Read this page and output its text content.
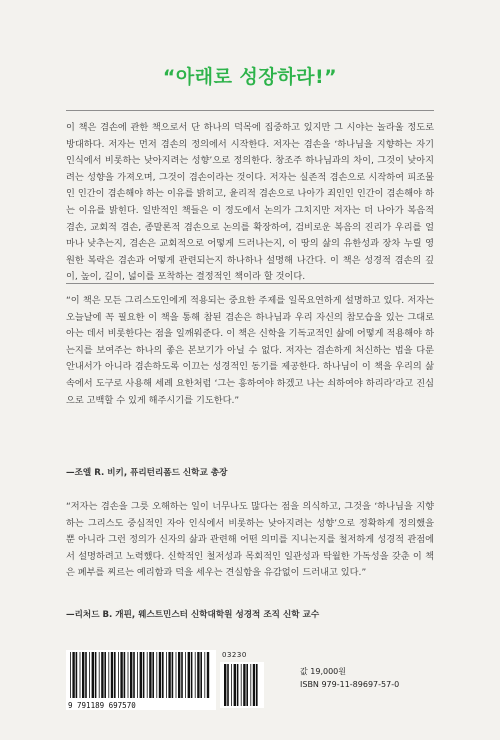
“아래로 성장하라!”

이 책은 겸손에 관한 책으로서 단 하나의 덕목에 집중하고 있지만 그 시야는 놀라울 정도로 방대하다. 저자는 먼저 겸손의 정의에서 시작한다. 저자는 겸손을 ‘하나님을 지향하는 자기 인식에서 비롯하는 낮아지려는 성향’으로 정의한다. 창조주 하나님과의 차이, 그것이 낮아지려는 성향을 가져오며, 그것이 겸손이라는 것이다. 저자는 실존적 겸손으로 시작하여 피조물인 인간이 겸손해야 하는 이유를 밝히고, 윤리적 겸손으로 나아가 죄인인 인간이 겸손해야 하는 이유를 밝힌다. 일반적인 책들은 이 정도에서 논의가 그치지만 저자는 더 나아가 복음적 겸손, 교회적 겸손, 종말론적 겸손으로 논의를 확장하여, 검비로운 복음의 진리가 우리를 얼마나 낮추는지, 겸손은 교회적으로 어떻게 드러나는지, 이 땅의 삶의 유한성과 장차 누릴 영원한 복락은 겸손과 어떻게 관련되는지 하나하나 설명해 나간다. 이 책은 성경적 겸손의 깊이, 높이, 길이, 넓이를 포착하는 결정적인 책이라 할 것이다.

“이 책은 모든 그리스도인에게 적용되는 중요한 주제를 일목요연하게 설명하고 있다. 저자는 오늘날에 꼭 필요한 이 책을 통해 참된 겸손은 하나님과 우리 자신의 참모습을 있는 그대로 아는 데서 비롯한다는 점을 일깨워준다. 이 책은 신학을 기독교적인 삶에 어떻게 적용해야 하는지를 보여주는 하나의 좋은 본보기가 아닐 수 없다. 저자는 겸손하게 처신하는 법을 다룬 안내서가 아니라 겸손하도록 이끄는 성경적인 동기를 제공한다. 하나님이 이 책을 우리의 삶 속에서 도구로 사용해 세례 요한처럼 ‘그는 흥하여야 하겠고 나는 쇠하여야 하리라’라고 진심으로 고백할 수 있게 해주시기를 기도한다.”

—조엘 R. 비키, 퓨리턴리폼드 신학교 총장

“저자는 겸손을 그릇 오해하는 일이 너무나도 많다는 점을 의식하고, 그것을 ‘하나님을 지향하는 그리스도 중심적인 자아 인식에서 비롯하는 낮아지려는 성향’으로 정확하게 정의했을 뿐 아니라 그런 정의가 신자의 삶과 관련해 어떤 의미를 지니는지를 철저하게 성경적 관점에서 설명하려고 노력했다. 신학적인 철저성과 목회적인 일관성과 탁월한 가독성을 갖춘 이 책은 폐부를 찌르는 예리함과 덕을 세우는 견실함을 유감없이 드러내고 있다.”

—리처드 B. 개핀, 웨스트민스터 신학대학원 성경적 조직 신학 교수

9 791189 697570
03230
값 19,000원
ISBN 979-11-89697-57-0
